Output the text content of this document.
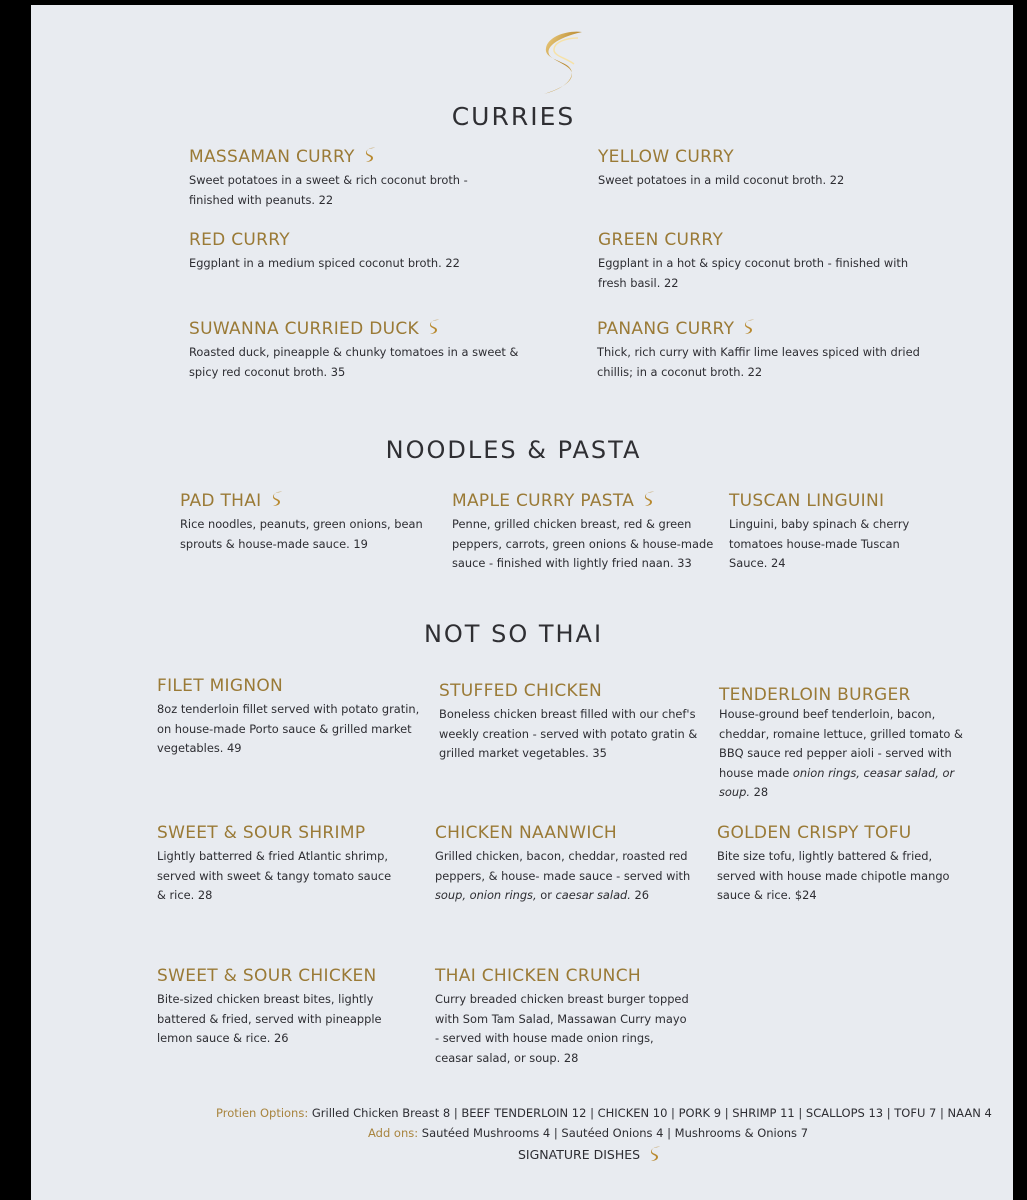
CURRIES
MASSAMAN CURRY
Sweet potatoes in a sweet & rich coconut broth -
finished with peanuts. 22
YELLOW CURRY
Sweet potatoes in a mild coconut broth. 22
RED CURRY
Eggplant in a medium spiced coconut broth. 22
GREEN CURRY
Eggplant in a hot & spicy coconut broth - finished with
fresh basil. 22
SUWANNA CURRIED DUCK
Roasted duck, pineapple & chunky tomatoes in a sweet &
spicy red coconut broth. 35
PANANG CURRY
Thick, rich curry with Kaffir lime leaves spiced with dried
chillis; in a coconut broth. 22
NOODLES & PASTA
PAD THAI
Rice noodles, peanuts, green onions, bean
sprouts & house-made sauce. 19
MAPLE CURRY PASTA
Penne, grilled chicken breast, red & green
peppers, carrots, green onions & house-made
sauce - finished with lightly fried naan. 33
TUSCAN LINGUINI
Linguini, baby spinach & cherry
tomatoes house-made Tuscan
Sauce. 24
NOT SO THAI
FILET MIGNON
8oz tenderloin fillet served with potato gratin,
on house-made Porto sauce & grilled market
vegetables. 49
STUFFED CHICKEN
Boneless chicken breast filled with our chef's
weekly creation - served with potato gratin &
grilled market vegetables. 35
TENDERLOIN BURGER
House-ground beef tenderloin, bacon,
cheddar, romaine lettuce, grilled tomato &
BBQ sauce red pepper aioli - served with
house made onion rings, ceasar salad, or
soup. 28
SWEET & SOUR SHRIMP
Lightly batterred & fried Atlantic shrimp,
served with sweet & tangy tomato sauce
& rice. 28
CHICKEN NAANWICH
Grilled chicken, bacon, cheddar, roasted red
peppers, & house- made sauce - served with
soup, onion rings, or caesar salad. 26
GOLDEN CRISPY TOFU
Bite size tofu, lightly battered & fried,
served with house made chipotle mango
sauce & rice. $24
SWEET & SOUR CHICKEN
Bite-sized chicken breast bites, lightly
battered & fried, served with pineapple
lemon sauce & rice. 26
THAI CHICKEN CRUNCH
Curry breaded chicken breast burger topped
with Som Tam Salad, Massawan Curry mayo
- served with house made onion rings,
ceasar salad, or soup. 28
Protien Options: Grilled Chicken Breast 8 | BEEF TENDERLOIN 12 | CHICKEN 10 | PORK 9 | SHRIMP 11 | SCALLOPS 13 | TOFU 7 | NAAN 4
Add ons: Sautéed Mushrooms 4 | Sautéed Onions 4 | Mushrooms & Onions 7
SIGNATURE DISHES
